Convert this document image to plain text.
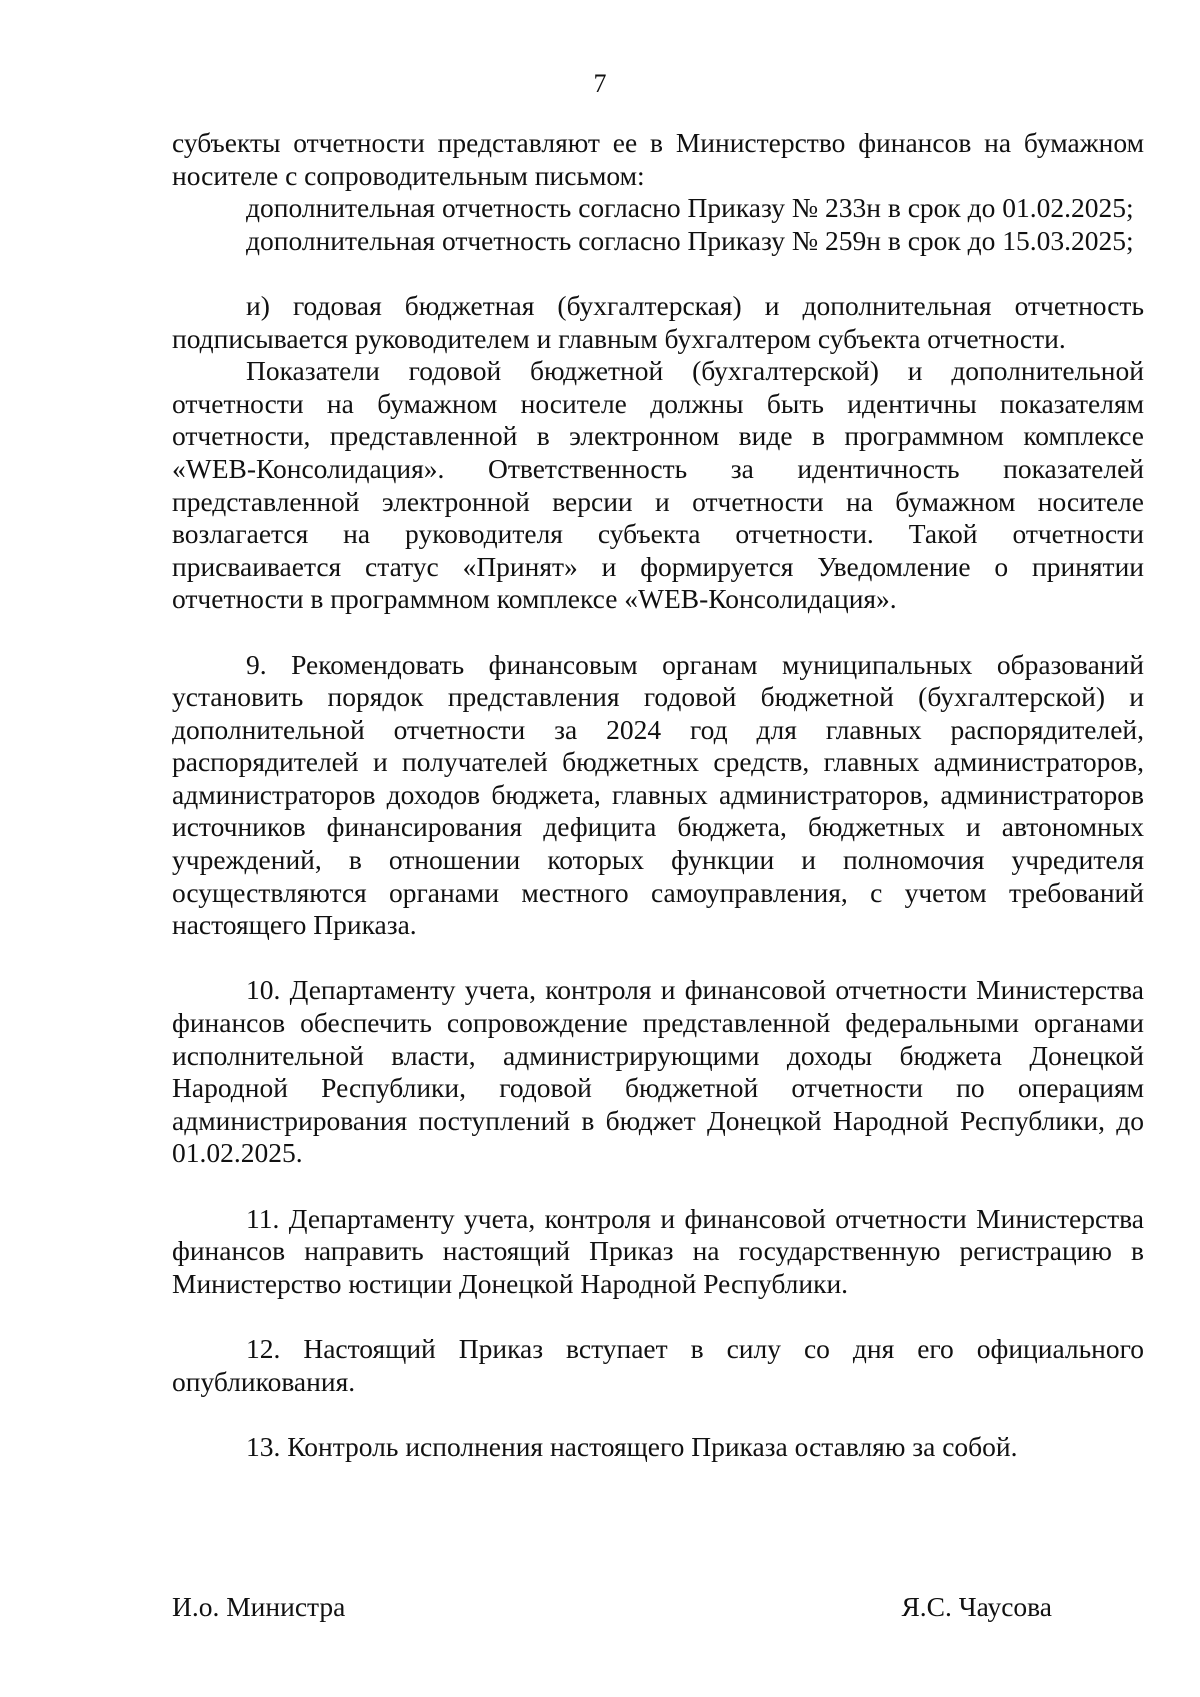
7

субъекты отчетности представляют ее в Министерство финансов на бумажном носителе с сопроводительным письмом:

дополнительная отчетность согласно Приказу № 233н в срок до 01.02.2025;

дополнительная отчетность согласно Приказу № 259н в срок до 15.03.2025;

и) годовая бюджетная (бухгалтерская) и дополнительная отчетность подписывается руководителем и главным бухгалтером субъекта отчетности.

Показатели годовой бюджетной (бухгалтерской) и дополнительной отчетности на бумажном носителе должны быть идентичны показателям отчетности, представленной в электронном виде в программном комплексе «WEB-Консолидация». Ответственность за идентичность показателей представленной электронной версии и отчетности на бумажном носителе возлагается на руководителя субъекта отчетности. Такой отчетности присваивается статус «Принят» и формируется Уведомление о принятии отчетности в программном комплексе «WEB-Консолидация».

9. Рекомендовать финансовым органам муниципальных образований установить порядок представления годовой бюджетной (бухгалтерской) и дополнительной отчетности за 2024 год для главных распорядителей, распорядителей и получателей бюджетных средств, главных администраторов, администраторов доходов бюджета, главных администраторов, администраторов источников финансирования дефицита бюджета, бюджетных и автономных учреждений, в отношении которых функции и полномочия учредителя осуществляются органами местного самоуправления, с учетом требований настоящего Приказа.

10. Департаменту учета, контроля и финансовой отчетности Министерства финансов обеспечить сопровождение представленной федеральными органами исполнительной власти, администрирующими доходы бюджета Донецкой Народной Республики, годовой бюджетной отчетности по операциям администрирования поступлений в бюджет Донецкой Народной Республики, до 01.02.2025.

11. Департаменту учета, контроля и финансовой отчетности Министерства финансов направить настоящий Приказ на государственную регистрацию в Министерство юстиции Донецкой Народной Республики.

12. Настоящий Приказ вступает в силу со дня его официального опубликования.

13. Контроль исполнения настоящего Приказа оставляю за собой.

И.о. Министра	Я.С. Чаусова
